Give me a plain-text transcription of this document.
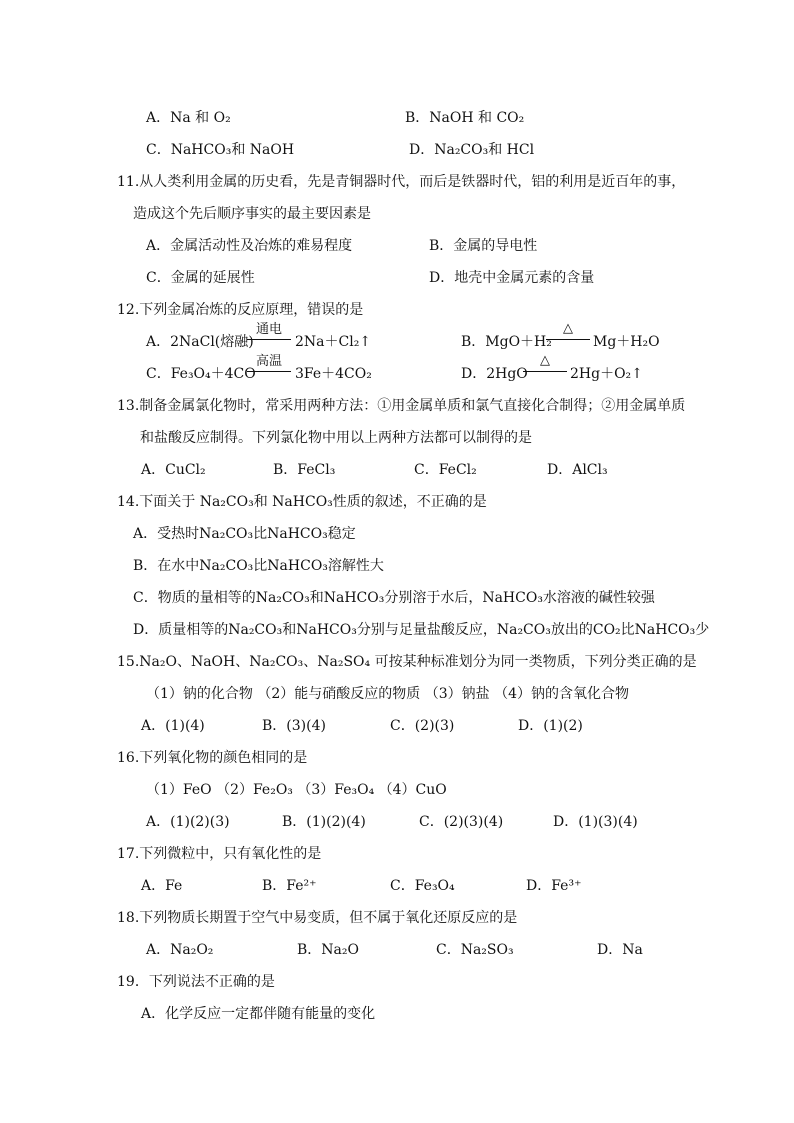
A．Na 和 O₂	B．NaOH 和 CO₂
C．NaHCO₃和 NaOH	D．Na₂CO₃和 HCl
11.从人类利用金属的历史看，先是青铜器时代，而后是铁器时代，铝的利用是近百年的事，
造成这个先后顺序事实的最主要因素是
A．金属活动性及冶炼的难易程度	B．金属的导电性
C．金属的延展性	D．地壳中金属元素的含量
12.下列金属冶炼的反应原理，错误的是
A．2NaCl(熔融)
通电
2Na＋Cl₂↑	B．MgO＋H₂
△
Mg＋H₂O
C．Fe₃O₄＋4CO
高温
3Fe＋4CO₂	D．2HgO
△
2Hg＋O₂↑
13.制备金属氯化物时，常采用两种方法：①用金属单质和氯气直接化合制得；②用金属单质
和盐酸反应制得。下列氯化物中用以上两种方法都可以制得的是
A．CuCl₂	B．FeCl₃	C．FeCl₂	D．AlCl₃
14.下面关于 Na₂CO₃和 NaHCO₃性质的叙述，不正确的是
A．受热时Na₂CO₃比NaHCO₃稳定
B．在水中Na₂CO₃比NaHCO₃溶解性大
C．物质的量相等的Na₂CO₃和NaHCO₃分别溶于水后，NaHCO₃水溶液的碱性较强
D．质量相等的Na₂CO₃和NaHCO₃分别与足量盐酸反应，Na₂CO₃放出的CO₂比NaHCO₃少
15.Na₂O、NaOH、Na₂CO₃、Na₂SO₄ 可按某种标准划分为同一类物质，下列分类正确的是
（1）钠的化合物 （2）能与硝酸反应的物质 （3）钠盐 （4）钠的含氧化合物
A．(1)(4)	B．(3)(4)	C．(2)(3)	D．(1)(2)
16.下列氧化物的颜色相同的是
（1）FeO （2）Fe₂O₃ （3）Fe₃O₄ （4）CuO
A．(1)(2)(3)	B．(1)(2)(4)	C．(2)(3)(4)	D．(1)(3)(4)
17.下列微粒中，只有氧化性的是
A．Fe	B．Fe²⁺	C．Fe₃O₄	D．Fe³⁺
18.下列物质长期置于空气中易变质，但不属于氧化还原反应的是
A．Na₂O₂	B．Na₂O	C．Na₂SO₃	D．Na
19．下列说法不正确的是
A．化学反应一定都伴随有能量的变化
